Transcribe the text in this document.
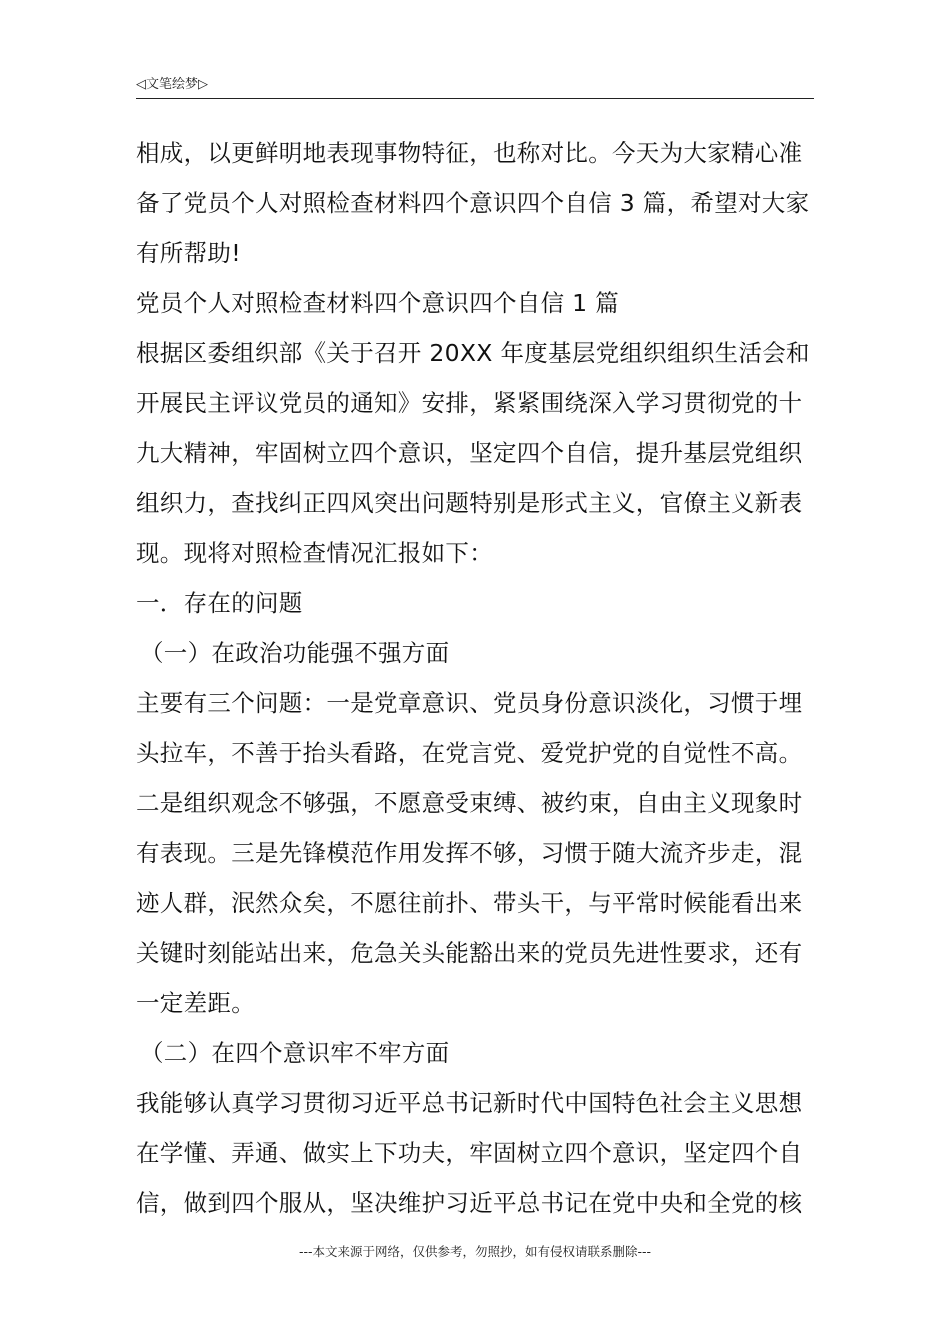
◁文笔绘梦▷
相成，以更鲜明地表现事物特征，也称对比。今天为大家精心准
备了党员个人对照检查材料四个意识四个自信 3 篇，希望对大家
有所帮助!
党员个人对照检查材料四个意识四个自信 1 篇
根据区委组织部《关于召开 20XX 年度基层党组织组织生活会和
开展民主评议党员的通知》安排，紧紧围绕深入学习贯彻党的十
九大精神，牢固树立四个意识，坚定四个自信，提升基层党组织
组织力，查找纠正四风突出问题特别是形式主义，官僚主义新表
现。现将对照检查情况汇报如下：
一．存在的问题
（一）在政治功能强不强方面
主要有三个问题：一是党章意识、党员身份意识淡化，习惯于埋
头拉车，不善于抬头看路，在党言党、爱党护党的自觉性不高。
二是组织观念不够强，不愿意受束缚、被约束，自由主义现象时
有表现。三是先锋模范作用发挥不够，习惯于随大流齐步走，混
迹人群，泯然众矣，不愿往前扑、带头干，与平常时候能看出来
关键时刻能站出来，危急关头能豁出来的党员先进性要求，还有
一定差距。
（二）在四个意识牢不牢方面
我能够认真学习贯彻习近平总书记新时代中国特色社会主义思想
在学懂、弄通、做实上下功夫，牢固树立四个意识，坚定四个自
信，做到四个服从，坚决维护习近平总书记在党中央和全党的核
---本文来源于网络，仅供参考，勿照抄，如有侵权请联系删除---
